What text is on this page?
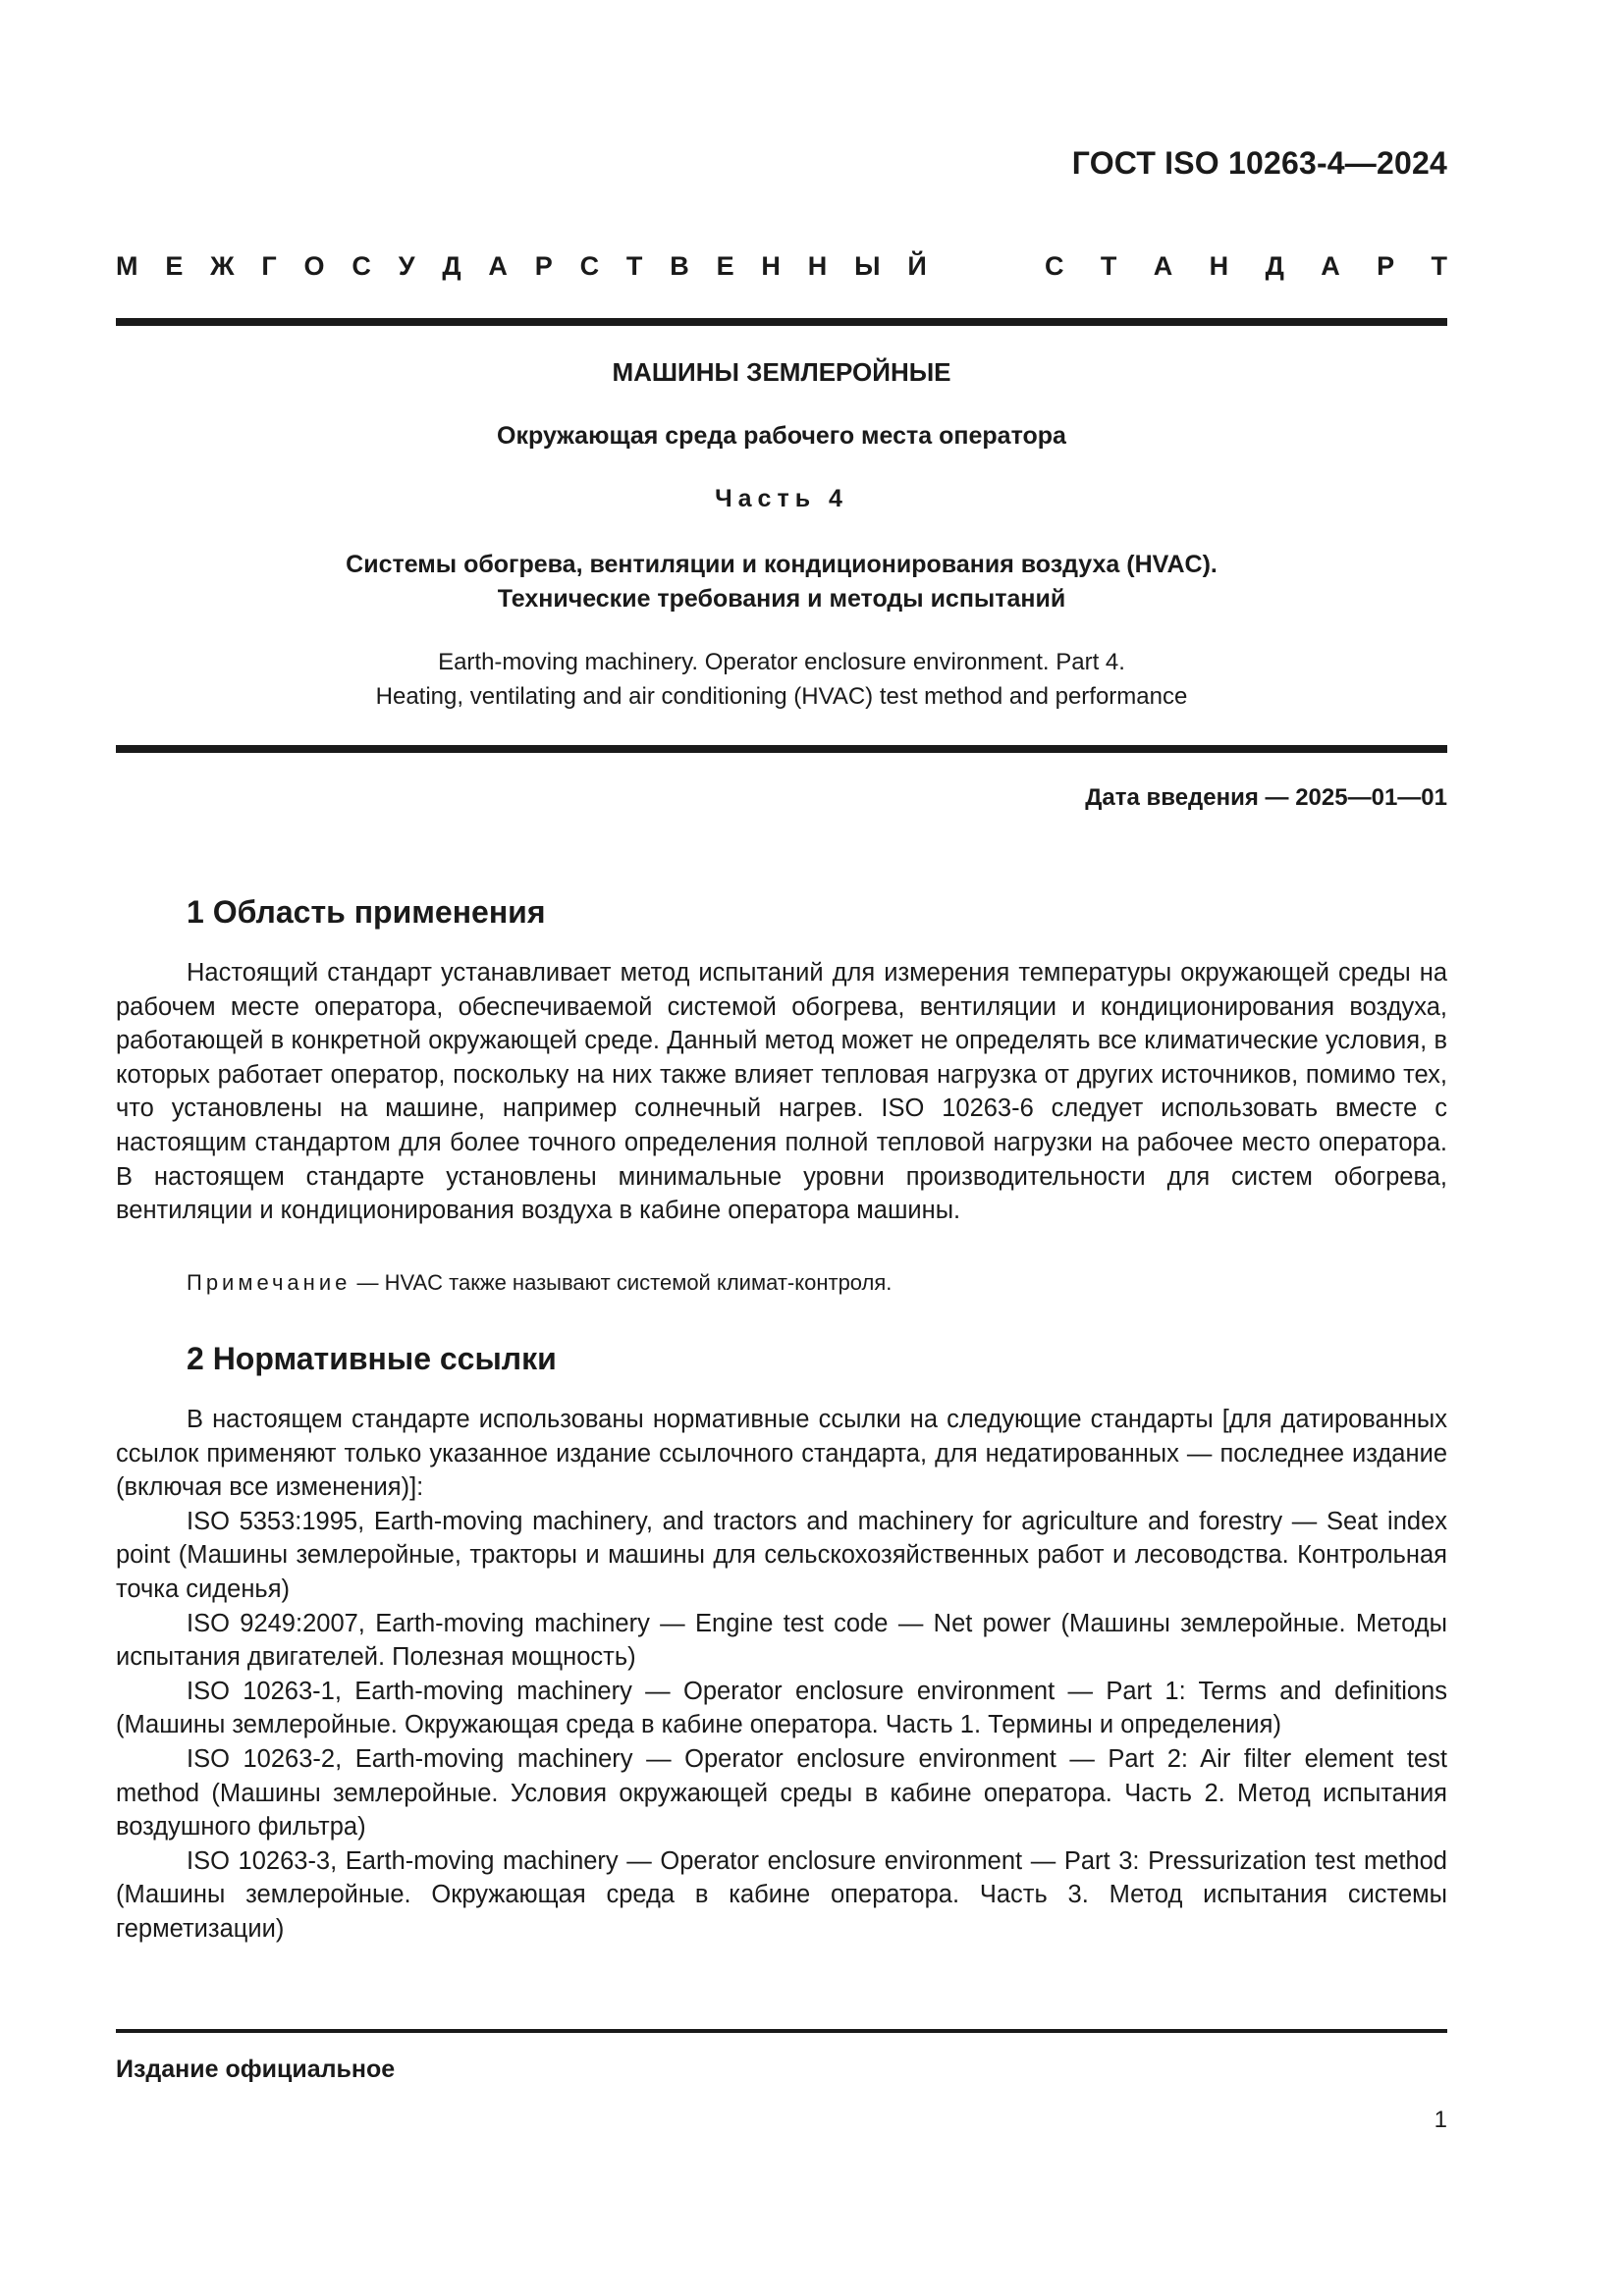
ГОСТ ISO 10263-4—2024
М Е Ж Г О С У Д А Р С Т В Е Н Н Ы Й	С Т А Н Д А Р Т
МАШИНЫ ЗЕМЛЕРОЙНЫЕ
Окружающая среда рабочего места оператора
Часть 4
Системы обогрева, вентиляции и кондиционирования воздуха (HVAC).
Технические требования и методы испытаний
Earth-moving machinery. Operator enclosure environment. Part 4.
Heating, ventilating and air conditioning (HVAC) test method and performance
Дата введения — 2025—01—01
1 Область применения

Настоящий стандарт устанавливает метод испытаний для измерения температуры окружающей среды на рабочем месте оператора, обеспечиваемой системой обогрева, вентиляции и кондиционирования воздуха, работающей в конкретной окружающей среде. Данный метод может не определять все климатические условия, в которых работает оператор, поскольку на них также влияет тепловая нагрузка от других источников, помимо тех, что установлены на машине, например солнечный нагрев. ISO 10263-6 следует использовать вместе с настоящим стандартом для более точного определения полной тепловой нагрузки на рабочее место оператора. В настоящем стандарте установлены минимальные уровни производительности для систем обогрева, вентиляции и кондиционирования воздуха в кабине оператора машины.

Примечание — HVAC также называют системой климат-контроля.
2 Нормативные ссылки

В настоящем стандарте использованы нормативные ссылки на следующие стандарты [для датированных ссылок применяют только указанное издание ссылочного стандарта, для недатированных — последнее издание (включая все изменения)]:

ISO 5353:1995, Earth-moving machinery, and tractors and machinery for agriculture and forestry — Seat index point (Машины землеройные, тракторы и машины для сельскохозяйственных работ и лесоводства. Контрольная точка сиденья)

ISO 9249:2007, Earth-moving machinery — Engine test code — Net power (Машины землеройные. Методы испытания двигателей. Полезная мощность)

ISO 10263-1, Earth-moving machinery — Operator enclosure environment — Part 1: Terms and definitions (Машины землеройные. Окружающая среда в кабине оператора. Часть 1. Термины и определения)

ISO 10263-2, Earth-moving machinery — Operator enclosure environment — Part 2: Air filter element test method (Машины землеройные. Условия окружающей среды в кабине оператора. Часть 2. Метод испытания воздушного фильтра)

ISO 10263-3, Earth-moving machinery — Operator enclosure environment — Part 3: Pressurization test method (Машины землеройные. Окружающая среда в кабине оператора. Часть 3. Метод испытания системы герметизации)

Издание официальное
1
